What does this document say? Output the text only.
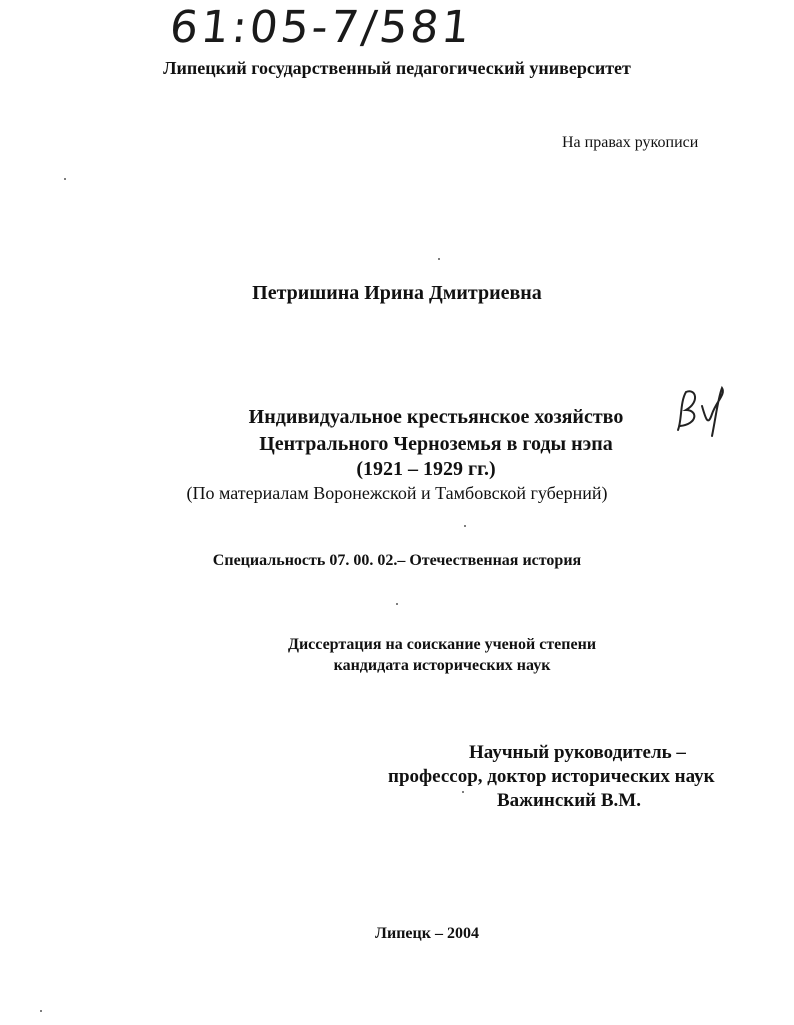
61:05-7/581
Липецкий государственный педагогический университет
На правах рукописи
Петришина Ирина Дмитриевна
Индивидуальное крестьянское хозяйство
Центрального Черноземья в годы нэпа
(1921 – 1929 гг.)
(По материалам Воронежской и Тамбовской губерний)
Специальность 07. 00. 02.– Отечественная история
Диссертация на соискание ученой степени
кандидата исторических наук
Научный руководитель –
профессор, доктор исторических наук
Важинский В.М.
Липецк – 2004
